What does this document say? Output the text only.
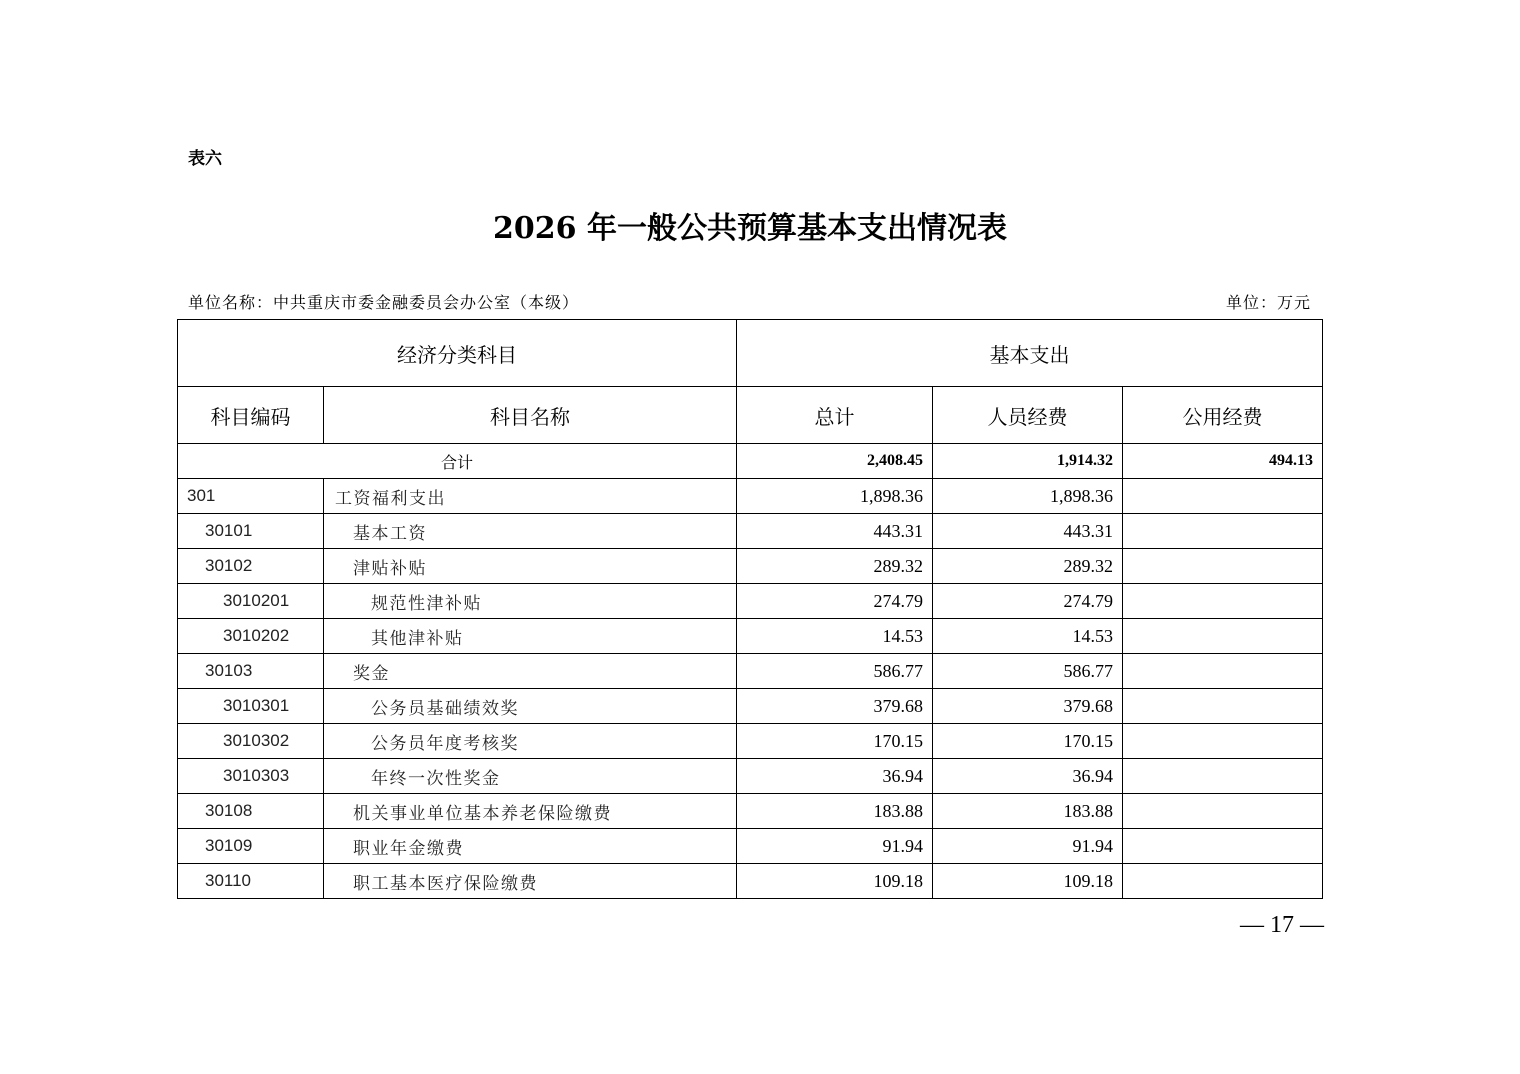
表六
2026 年一般公共预算基本支出情况表
单位名称：中共重庆市委金融委员会办公室（本级）	单位：万元
经济分类科目		基本支出		
科目编码	科目名称	总计	人员经费	公用经费
合计		2,408.45	1,914.32	494.13
301	工资福利支出	1,898.36	1,898.36	
30101	基本工资	443.31	443.31	
30102	津贴补贴	289.32	289.32	
3010201	规范性津补贴	274.79	274.79	
3010202	其他津补贴	14.53	14.53	
30103	奖金	586.77	586.77	
3010301	公务员基础绩效奖	379.68	379.68	
3010302	公务员年度考核奖	170.15	170.15	
3010303	年终一次性奖金	36.94	36.94	
30108	机关事业单位基本养老保险缴费	183.88	183.88	
30109	职业年金缴费	91.94	91.94	
30110	职工基本医疗保险缴费	109.18	109.18	
— 17 —
